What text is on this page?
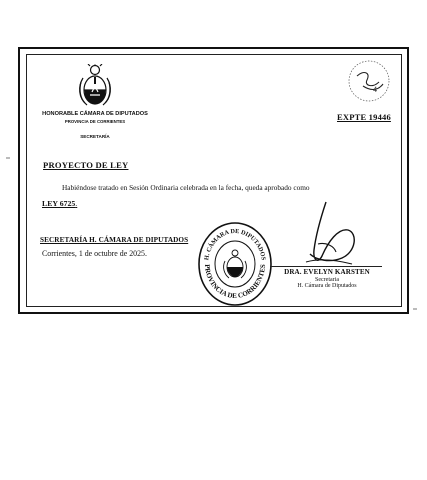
HONORABLE CÁMARA DE DIPUTADOS
PROVINCIA DE CORRIENTES
SECRETARÍA
4
EXPTE 19446
PROYECTO DE LEY
Habiéndose tratado en Sesión Ordinaria celebrada en la fecha, queda aprobado como
LEY 6725.
SECRETARÍA H. CÁMARA DE DIPUTADOS
Corrientes, 1 de octubre de 2025.	H. CÁMARA DE DIPUTADOS
PROVINCIA DE CORRIENTES
DRA. EVELYN KARSTEN
Secretaria
H. Cámara de Diputados
